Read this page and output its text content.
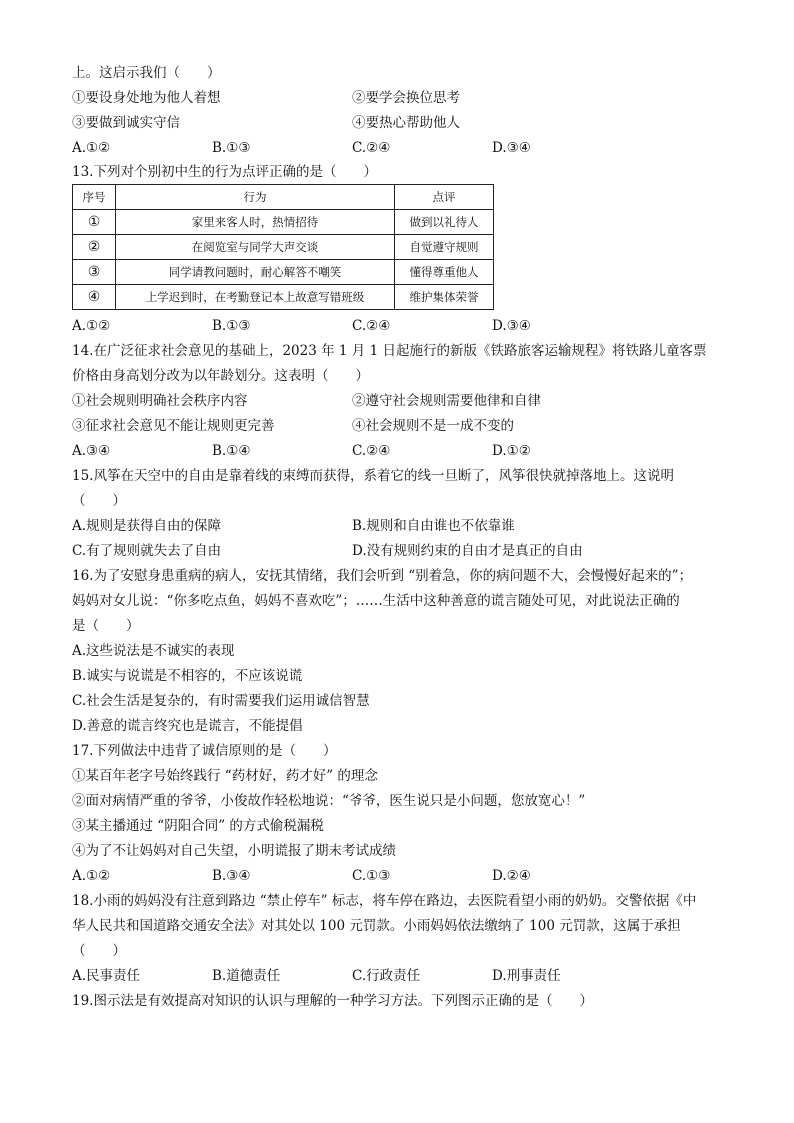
上。这启示我们（　　）
①要设身处地为他人着想	②要学会换位思考
③要做到诚实守信	④要热心帮助他人
A.①②	B.①③	C.②④	D.③④
13.下列对个别初中生的行为点评正确的是（　　）
序号	行为	点评
①	家里来客人时，热情招待	做到以礼待人
②	在阅览室与同学大声交谈	自觉遵守规则
③	同学请教问题时，耐心解答不嘲笑	懂得尊重他人
④	上学迟到时，在考勤登记本上故意写错班级	维护集体荣誉
A.①②	B.①③	C.②④	D.③④
14.在广泛征求社会意见的基础上，2023 年 1 月 1 日起施行的新版《铁路旅客运输规程》将铁路儿童客票
价格由身高划分改为以年龄划分。这表明（　　）
①社会规则明确社会秩序内容	②遵守社会规则需要他律和自律
③征求社会意见不能让规则更完善	④社会规则不是一成不变的
A.③④	B.①④	C.②④	D.①②
15.风筝在天空中的自由是靠着线的束缚而获得，系着它的线一旦断了，风筝很快就掉落地上。这说明
（　　）
A.规则是获得自由的保障	B.规则和自由谁也不依靠谁
C.有了规则就失去了自由	D.没有规则约束的自由才是真正的自由
16.为了安慰身患重病的病人，安抚其情绪，我们会听到 “别着急，你的病问题不大，会慢慢好起来的”；
妈妈对女儿说：“你多吃点鱼，妈妈不喜欢吃”；……生活中这种善意的谎言随处可见，对此说法正确的
是（　　）
A.这些说法是不诚实的表现
B.诚实与说谎是不相容的，不应该说谎
C.社会生活是复杂的，有时需要我们运用诚信智慧
D.善意的谎言终究也是谎言，不能提倡
17.下列做法中违背了诚信原则的是（　　）
①某百年老字号始终践行 “药材好，药才好” 的理念
②面对病情严重的爷爷，小俊故作轻松地说：“爷爷，医生说只是小问题，您放宽心！”
③某主播通过 “阴阳合同” 的方式偷税漏税
④为了不让妈妈对自己失望，小明谎报了期末考试成绩
A.①②	B.③④	C.①③	D.②④
18.小雨的妈妈没有注意到路边 “禁止停车” 标志，将车停在路边，去医院看望小雨的奶奶。交警依据《中
华人民共和国道路交通安全法》对其处以 100 元罚款。小雨妈妈依法缴纳了 100 元罚款，这属于承担
（　　）
A.民事责任	B.道德责任	C.行政责任	D.刑事责任
19.图示法是有效提高对知识的认识与理解的一种学习方法。下列图示正确的是（　　）
